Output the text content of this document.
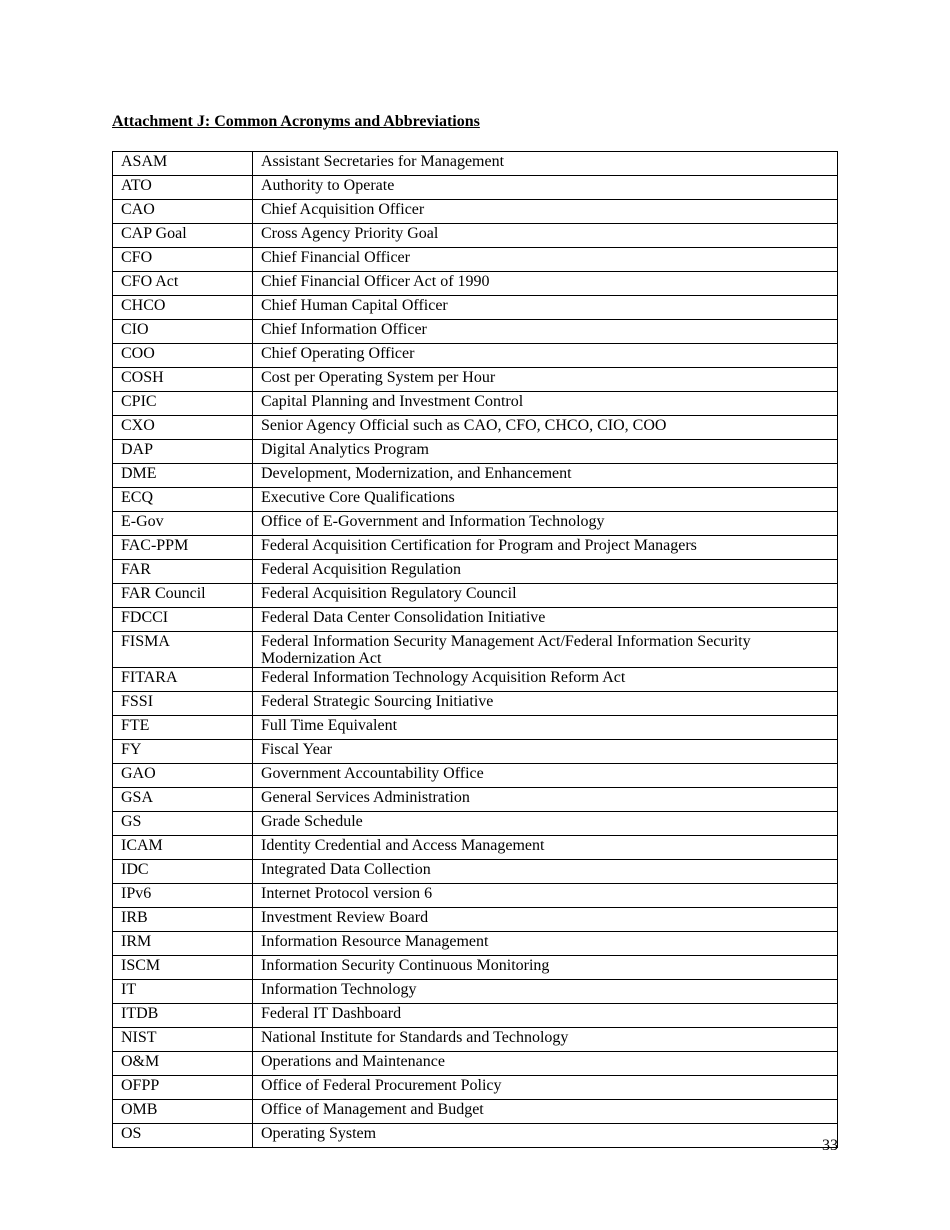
Attachment J: Common Acronyms and Abbreviations
ASAM	Assistant Secretaries for Management
ATO	Authority to Operate
CAO	Chief Acquisition Officer
CAP Goal	Cross Agency Priority Goal
CFO	Chief Financial Officer
CFO Act	Chief Financial Officer Act of 1990
CHCO	Chief Human Capital Officer
CIO	Chief Information Officer
COO	Chief Operating Officer
COSH	Cost per Operating System per Hour
CPIC	Capital Planning and Investment Control
CXO	Senior Agency Official such as CAO, CFO, CHCO, CIO, COO
DAP	Digital Analytics Program
DME	Development, Modernization, and Enhancement
ECQ	Executive Core Qualifications
E-Gov	Office of E-Government and Information Technology
FAC-PPM	Federal Acquisition Certification for Program and Project Managers
FAR	Federal Acquisition Regulation
FAR Council	Federal Acquisition Regulatory Council
FDCCI	Federal Data Center Consolidation Initiative
FISMA	Federal Information Security Management Act/Federal Information Security Modernization Act
FITARA	Federal Information Technology Acquisition Reform Act
FSSI	Federal Strategic Sourcing Initiative
FTE	Full Time Equivalent
FY	Fiscal Year
GAO	Government Accountability Office
GSA	General Services Administration
GS	Grade Schedule
ICAM	Identity Credential and Access Management
IDC	Integrated Data Collection
IPv6	Internet Protocol version 6
IRB	Investment Review Board
IRM	Information Resource Management
ISCM	Information Security Continuous Monitoring
IT	Information Technology
ITDB	Federal IT Dashboard
NIST	National Institute for Standards and Technology
O&M	Operations and Maintenance
OFPP	Office of Federal Procurement Policy
OMB	Office of Management and Budget
OS	Operating System
33
